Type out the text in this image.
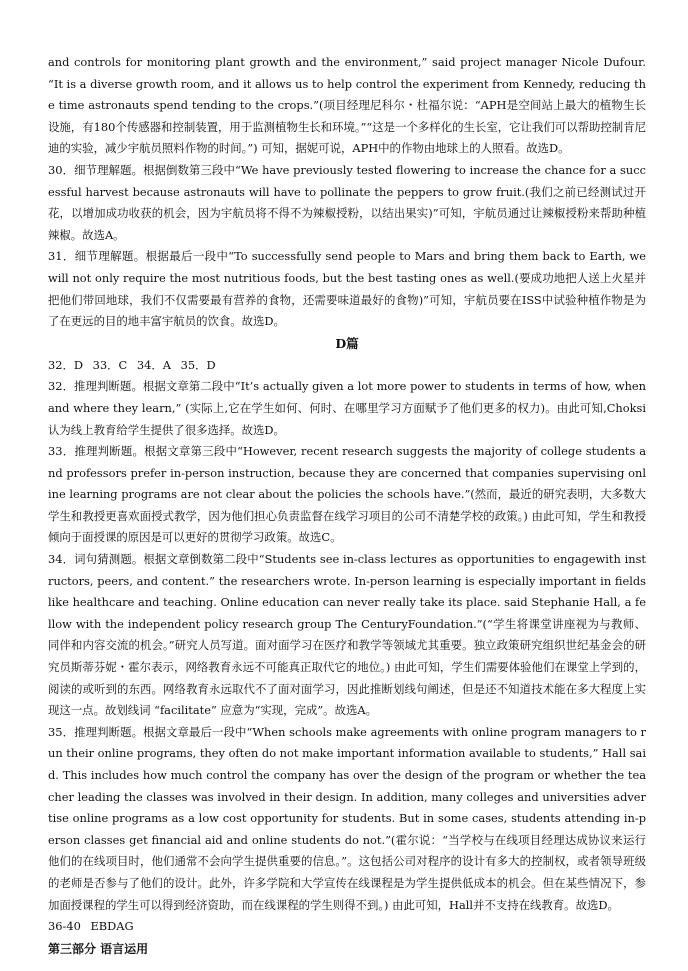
and controls for monitoring plant growth and the environment,” said project manager Nicole Dufour. “It is a diverse growth room, and it allows us to help control the experiment from Kennedy, reducing the time astronauts spend tending to the crops.”(项目经理尼科尔・杜福尔说：“APH是空间站上最大的植物生长设施，有180个传感器和控制装置，用于监测植物生长和环境。”“这是一个多样化的生长室，它让我们可以帮助控制肯尼迪的实验，减少宇航员照料作物的时间。”) 可知，据妮可说，APH中的作物由地球上的人照看。故选D。

30．细节理解题。根据倒数第三段中“We have previously tested flowering to increase the chance for a successful harvest because astronauts will have to pollinate the peppers to grow fruit.(我们之前已经测试过开花，以增加成功收获的机会，因为宇航员将不得不为辣椒授粉，以结出果实)”可知，宇航员通过让辣椒授粉来帮助种植辣椒。故选A。

31．细节理解题。根据最后一段中“To successfully send people to Mars and bring them back to Earth, we will not only require the most nutritious foods, but the best tasting ones as well.(要成功地把人送上火星并把他们带回地球，我们不仅需要最有营养的食物，还需要味道最好的食物)”可知，宇航员要在ISS中试验种植作物是为了在更远的目的地丰富宇航员的饮食。故选D。

D篇

32．D 33．C 34．A 35．D

32．推理判断题。根据文章第二段中“It’s actually given a lot more power to students in terms of how, when and where they learn,” (实际上,它在学生如何、何时、在哪里学习方面赋予了他们更多的权力)。由此可知,Choksi认为线上教育给学生提供了很多选择。故选D。

33．推理判断题。根据文章第三段中“However, recent research suggests the majority of college students and professors prefer in-person instruction, because they are concerned that companies supervising online learning programs are not clear about the policies the schools have.”(然而，最近的研究表明，大多数大学生和教授更喜欢面授式教学，因为他们担心负责监督在线学习项目的公司不清楚学校的政策。) 由此可知，学生和教授倾向于面授课的原因是可以更好的贯彻学习政策。故选C。

34．词句猜测题。根据文章倒数第二段中“Students see in-class lectures as opportunities to engagewith instructors, peers, and content.” the researchers wrote. In-person learning is especially important in fields like healthcare and teaching. Online education can never really take its place. said Stephanie Hall, a fellow with the independent policy research group The CenturyFoundation.”(“学生将课堂讲座视为与教师、同伴和内容交流的机会。”研究人员写道。面对面学习在医疗和教学等领域尤其重要。独立政策研究组织世纪基金会的研究员斯蒂芬妮・霍尔表示，网络教育永远不可能真正取代它的地位。) 由此可知，学生们需要体验他们在课堂上学到的，阅读的或听到的东西。网络教育永远取代不了面对面学习，因此推断划线句阐述，但是还不知道技术能在多大程度上实现这一点。故划线词 “facilitate” 应意为“实现，完成”。故选A。

35．推理判断题。根据文章最后一段中“When schools make agreements with online program managers to run their online programs, they often do not make important information available to students,” Hall said. This includes how much control the company has over the design of the program or whether the teacher leading the classes was involved in their design. In addition, many colleges and universities advertise online programs as a low cost opportunity for students. But in some cases, students attending in-person classes get financial aid and online students do not.”(霍尔说：“当学校与在线项目经理达成协议来运行他们的在线项目时，他们通常不会向学生提供重要的信息。”。这包括公司对程序的设计有多大的控制权，或者领导班级的老师是否参与了他们的设计。此外，许多学院和大学宣传在线课程是为学生提供低成本的机会。但在某些情况下，参加面授课程的学生可以得到经济资助，而在线课程的学生则得不到。) 由此可知，Hall并不支持在线教育。故选D。

36-40 EBDAG

第三部分 语言运用
